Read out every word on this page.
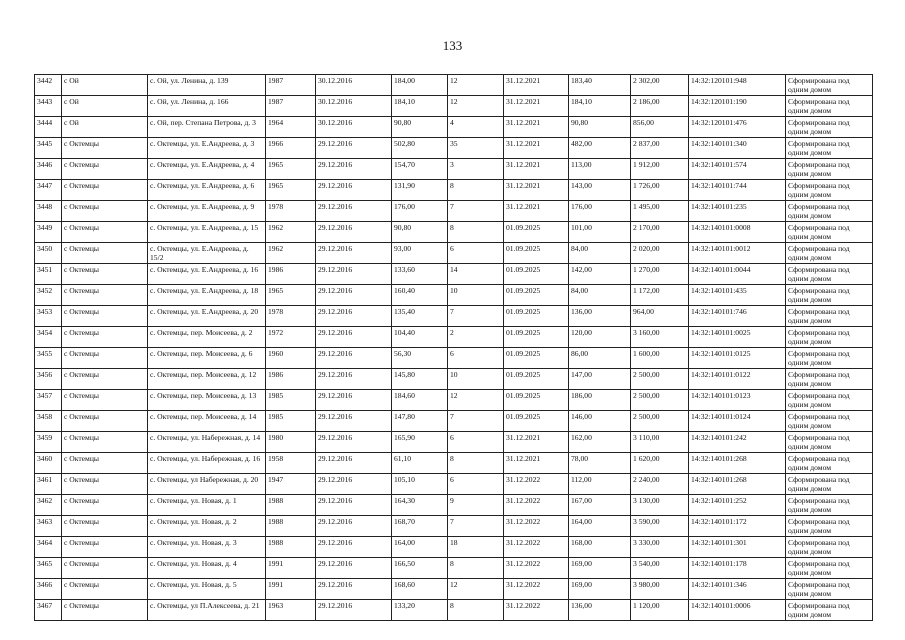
133
3442	с Ой	с. Ой, ул. Ленина, д. 139	1987	30.12.2016	184,00	12	31.12.2021	183,40	2 302,00	14:32:120101:948	Сформирована под одним домом
3443	с Ой	с. Ой, ул. Ленина, д. 166	1987	30.12.2016	184,10	12	31.12.2021	184,10	2 186,00	14:32:120101:190	Сформирована под одним домом
3444	с Ой	с. Ой, пер. Степана Петрова, д. 3	1964	30.12.2016	90,80	4	31.12.2021	90,80	856,00	14:32:120101:476	Сформирована под одним домом
3445	с Октемцы	с. Октемцы, ул. Е.Андреева, д. 3	1966	29.12.2016	502,80	35	31.12.2021	482,00	2 837,00	14:32:140101:340	Сформирована под одним домом
3446	с Октемцы	с. Октемцы, ул. Е.Андреева, д. 4	1965	29.12.2016	154,70	3	31.12.2021	113,00	1 912,00	14:32:140101:574	Сформирована под одним домом
3447	с Октемцы	с. Октемцы, ул. Е.Андреева, д. 6	1965	29.12.2016	131,90	8	31.12.2021	143,00	1 726,00	14:32:140101:744	Сформирована под одним домом
3448	с Октемцы	с. Октемцы, ул. Е.Андреева, д. 9	1978	29.12.2016	176,00	7	31.12.2021	176,00	1 495,00	14:32:140101:235	Сформирована под одним домом
3449	с Октемцы	с. Октемцы, ул. Е.Андреева, д. 15	1962	29.12.2016	90,80	8	01.09.2025	101,00	2 170,00	14:32:140101:0008	Сформирована под одним домом
3450	с Октемцы	с. Октемцы, ул. Е.Андреева, д. 15/2	1962	29.12.2016	93,00	6	01.09.2025	84,00	2 020,00	14:32:140101:0012	Сформирована под одним домом
3451	с Октемцы	с. Октемцы, ул. Е.Андреева, д. 16	1986	29.12.2016	133,60	14	01.09.2025	142,00	1 270,00	14:32:140101:0044	Сформирована под одним домом
3452	с Октемцы	с. Октемцы, ул. Е.Андреева, д. 18	1965	29.12.2016	160,40	10	01.09.2025	84,00	1 172,00	14:32:140101:435	Сформирована под одним домом
3453	с Октемцы	с. Октемцы, ул. Е.Андреева, д. 20	1978	29.12.2016	135,40	7	01.09.2025	136,00	964,00	14:32:140101:746	Сформирована под одним домом
3454	с Октемцы	с. Октемцы, пер. Моисеева, д. 2	1972	29.12.2016	104,40	2	01.09.2025	120,00	3 160,00	14:32:140101:0025	Сформирована под одним домом
3455	с Октемцы	с. Октемцы, пер. Моисеева, д. 6	1960	29.12.2016	56,30	6	01.09.2025	86,00	1 600,00	14:32:140101:0125	Сформирована под одним домом
3456	с Октемцы	с. Октемцы, пер. Моисеева, д. 12	1986	29.12.2016	145,80	10	01.09.2025	147,00	2 500,00	14:32:140101:0122	Сформирована под одним домом
3457	с Октемцы	с. Октемцы, пер. Моисеева, д. 13	1985	29.12.2016	184,60	12	01.09.2025	186,00	2 500,00	14:32:140101:0123	Сформирована под одним домом
3458	с Октемцы	с. Октемцы, пер. Моисеева, д. 14	1985	29.12.2016	147,80	7	01.09.2025	146,00	2 500,00	14:32:140101:0124	Сформирована под одним домом
3459	с Октемцы	с. Октемцы, ул. Набережная, д. 14	1980	29.12.2016	165,90	6	31.12.2021	162,00	3 110,00	14:32:140101:242	Сформирована под одним домом
3460	с Октемцы	с. Октемцы, ул. Набережная, д. 16	1958	29.12.2016	61,10	8	31.12.2021	78,00	1 620,00	14:32:140101:268	Сформирована под одним домом
3461	с Октемцы	с. Октемцы, ул Набережная, д. 20	1947	29.12.2016	105,10	6	31.12.2022	112,00	2 240,00	14:32:140101:268	Сформирована под одним домом
3462	с Октемцы	с. Октемцы, ул. Новая, д. 1	1988	29.12.2016	164,30	9	31.12.2022	167,00	3 130,00	14:32:140101:252	Сформирована под одним домом
3463	с Октемцы	с. Октемцы, ул. Новая, д. 2	1988	29.12.2016	168,70	7	31.12.2022	164,00	3 590,00	14:32:140101:172	Сформирована под одним домом
3464	с Октемцы	с. Октемцы, ул. Новая, д. 3	1988	29.12.2016	164,00	18	31.12.2022	168,00	3 330,00	14:32:140101:301	Сформирована под одним домом
3465	с Октемцы	с. Октемцы, ул. Новая, д. 4	1991	29.12.2016	166,50	8	31.12.2022	169,00	3 540,00	14:32:140101:178	Сформирована под одним домом
3466	с Октемцы	с. Октемцы, ул. Новая, д. 5	1991	29.12.2016	168,60	12	31.12.2022	169,00	3 980,00	14:32:140101:346	Сформирована под одним домом
3467	с Октемцы	с. Октемцы, ул П.Алексеева, д. 21	1963	29.12.2016	133,20	8	31.12.2022	136,00	1 120,00	14:32:140101:0006	Сформирована под одним домом
